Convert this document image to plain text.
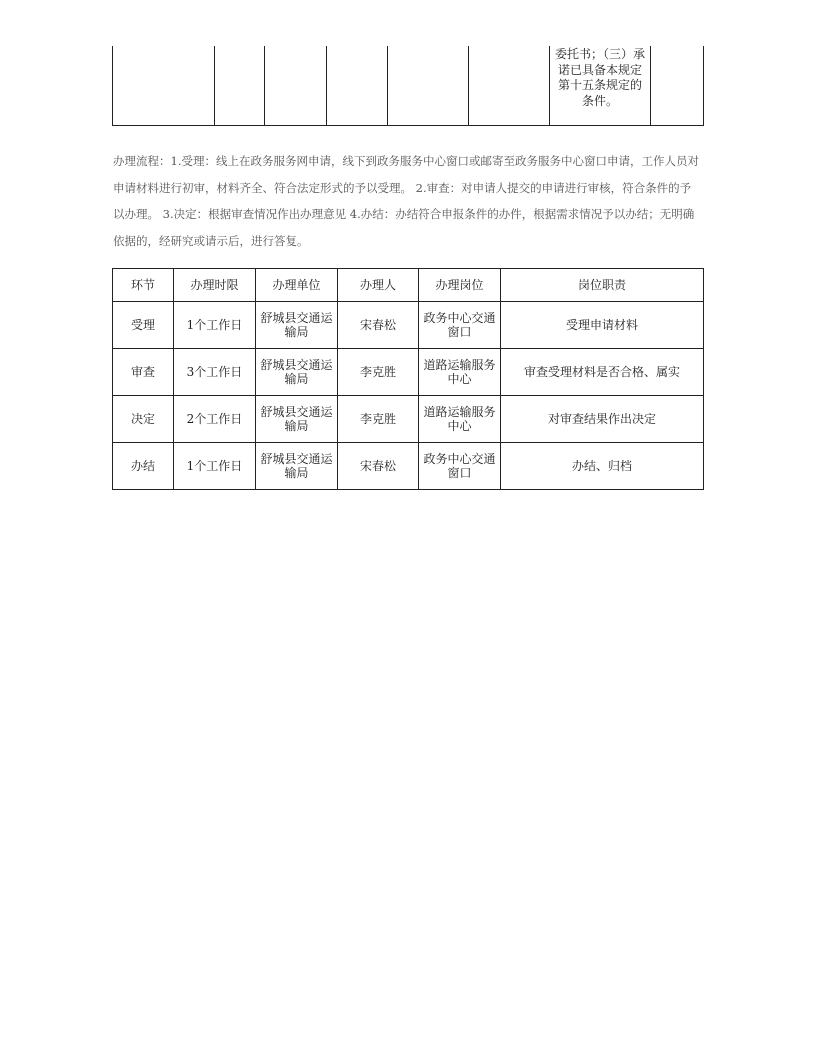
委托书；（三）承诺已具备本规定第十五条规定的条件。

办理流程：1.受理：线上在政务服务网申请，线下到政务服务中心窗口或邮寄至政务服务中心窗口申请，工作人员对申请材料进行初审，材料齐全、符合法定形式的予以受理。 2.审查：对申请人提交的申请进行审核，符合条件的予以办理。 3.决定：根据审查情况作出办理意见 4.办结：办结符合申报条件的办件，根据需求情况予以办结；无明确依据的，经研究或请示后，进行答复。

环节	办理时限	办理单位	办理人	办理岗位	岗位职责
受理	1个工作日	舒城县交通运输局	宋春松	政务中心交通窗口	受理申请材料
审查	3个工作日	舒城县交通运输局	李克胜	道路运输服务中心	审查受理材料是否合格、属实
决定	2个工作日	舒城县交通运输局	李克胜	道路运输服务中心	对审查结果作出决定
办结	1个工作日	舒城县交通运输局	宋春松	政务中心交通窗口	办结、归档
